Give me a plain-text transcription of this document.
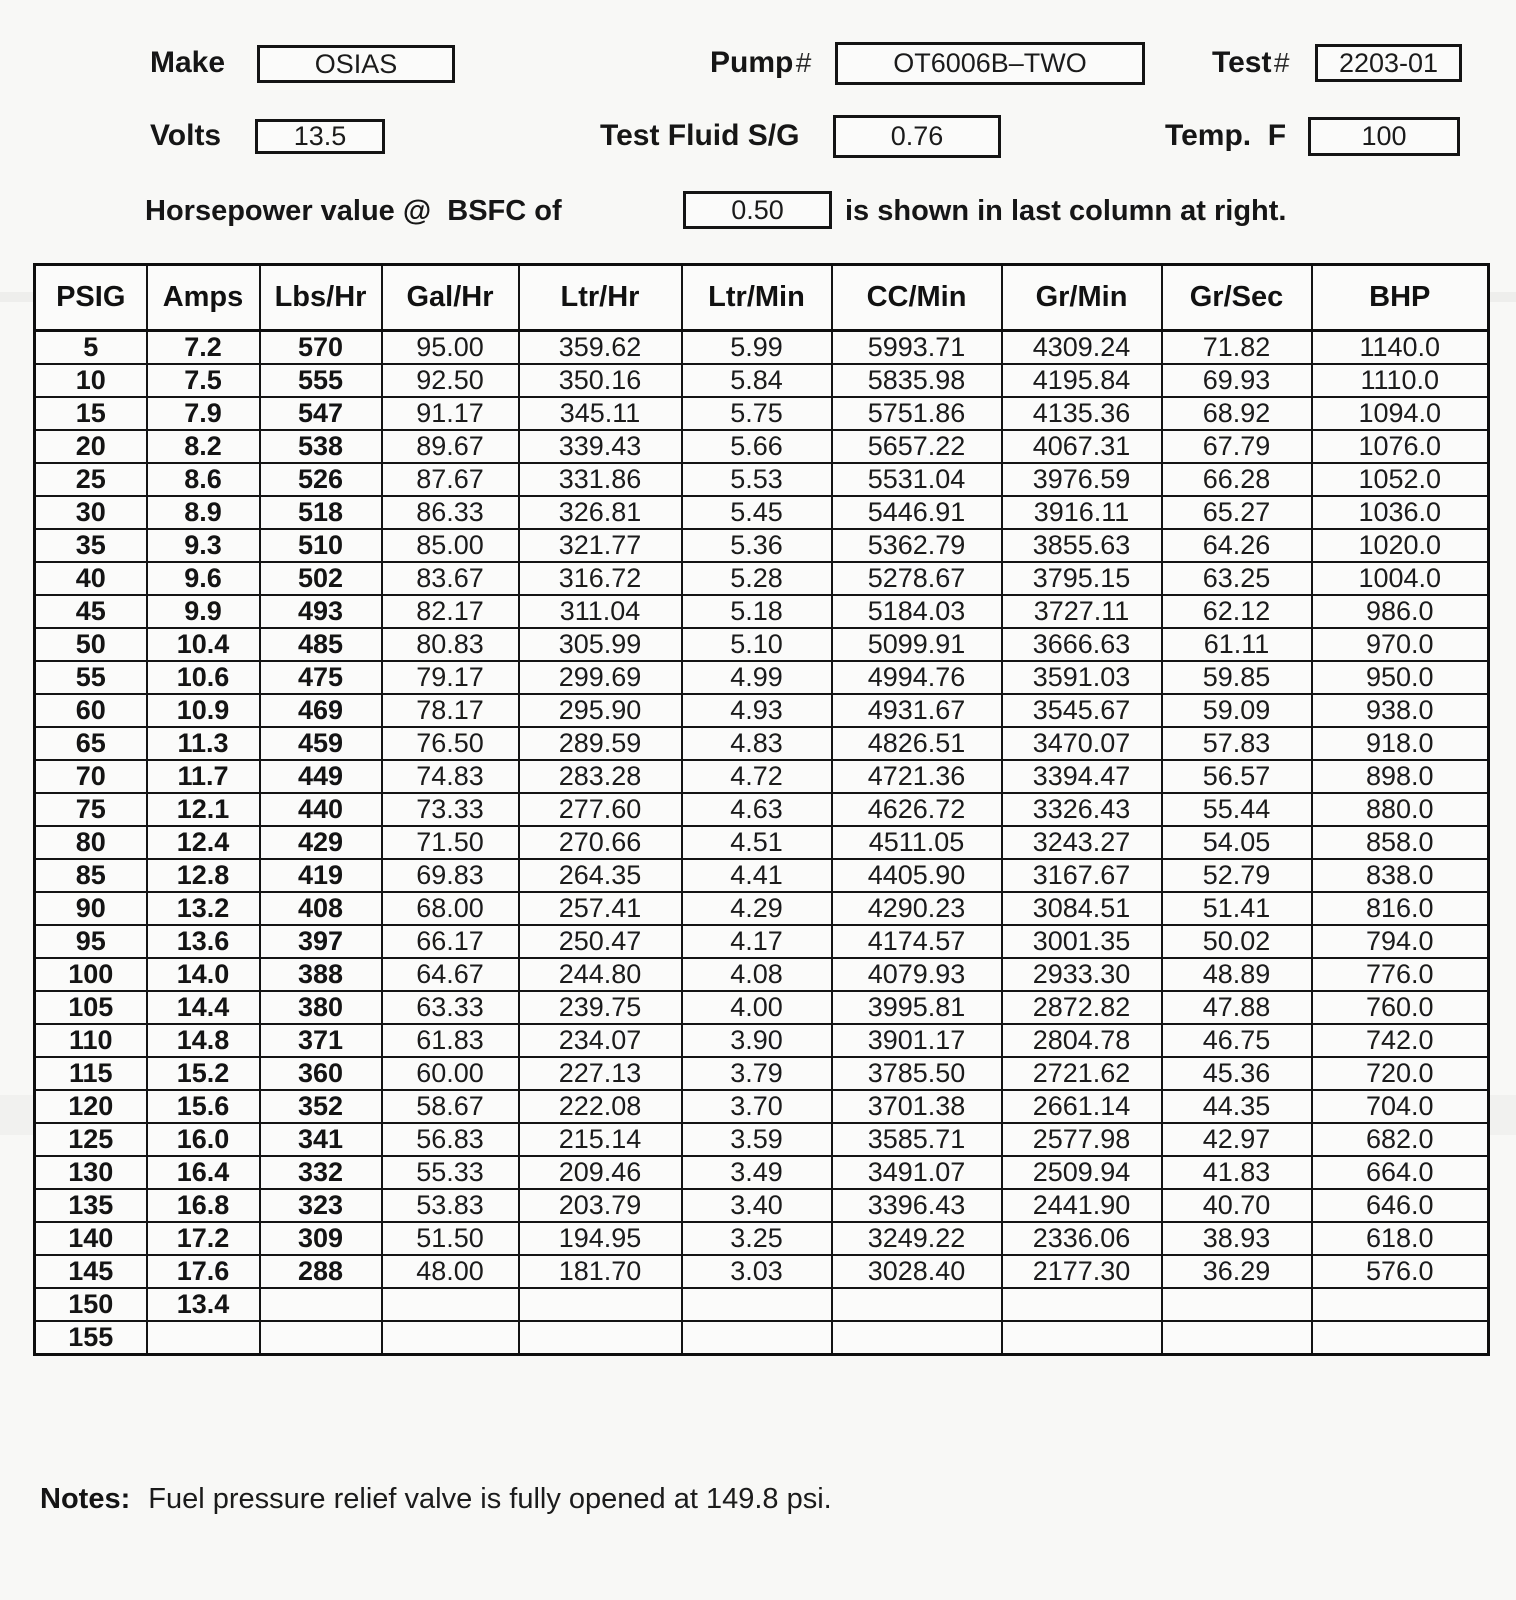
Make	OSIAS	Pump#	OT6006B–TWO	Test# 2203-01
Volts	13.5	Test Fluid S/G	0.76	Temp.  F	100
Horsepower value @  BSFC of	0.50 is shown in last column at right.
PSIG	Amps	Lbs/Hr	Gal/Hr	Ltr/Hr	Ltr/Min	CC/Min	Gr/Min	Gr/Sec	BHP
5	7.2	570	95.00	359.62	5.99	5993.71	4309.24	71.82	1140.0
10	7.5	555	92.50	350.16	5.84	5835.98	4195.84	69.93	1110.0
15	7.9	547	91.17	345.11	5.75	5751.86	4135.36	68.92	1094.0
20	8.2	538	89.67	339.43	5.66	5657.22	4067.31	67.79	1076.0
25	8.6	526	87.67	331.86	5.53	5531.04	3976.59	66.28	1052.0
30	8.9	518	86.33	326.81	5.45	5446.91	3916.11	65.27	1036.0
35	9.3	510	85.00	321.77	5.36	5362.79	3855.63	64.26	1020.0
40	9.6	502	83.67	316.72	5.28	5278.67	3795.15	63.25	1004.0
45	9.9	493	82.17	311.04	5.18	5184.03	3727.11	62.12	986.0
50	10.4	485	80.83	305.99	5.10	5099.91	3666.63	61.11	970.0
55	10.6	475	79.17	299.69	4.99	4994.76	3591.03	59.85	950.0
60	10.9	469	78.17	295.90	4.93	4931.67	3545.67	59.09	938.0
65	11.3	459	76.50	289.59	4.83	4826.51	3470.07	57.83	918.0
70	11.7	449	74.83	283.28	4.72	4721.36	3394.47	56.57	898.0
75	12.1	440	73.33	277.60	4.63	4626.72	3326.43	55.44	880.0
80	12.4	429	71.50	270.66	4.51	4511.05	3243.27	54.05	858.0
85	12.8	419	69.83	264.35	4.41	4405.90	3167.67	52.79	838.0
90	13.2	408	68.00	257.41	4.29	4290.23	3084.51	51.41	816.0
95	13.6	397	66.17	250.47	4.17	4174.57	3001.35	50.02	794.0
100	14.0	388	64.67	244.80	4.08	4079.93	2933.30	48.89	776.0
105	14.4	380	63.33	239.75	4.00	3995.81	2872.82	47.88	760.0
110	14.8	371	61.83	234.07	3.90	3901.17	2804.78	46.75	742.0
115	15.2	360	60.00	227.13	3.79	3785.50	2721.62	45.36	720.0
120	15.6	352	58.67	222.08	3.70	3701.38	2661.14	44.35	704.0
125	16.0	341	56.83	215.14	3.59	3585.71	2577.98	42.97	682.0
130	16.4	332	55.33	209.46	3.49	3491.07	2509.94	41.83	664.0
135	16.8	323	53.83	203.79	3.40	3396.43	2441.90	40.70	646.0
140	17.2	309	51.50	194.95	3.25	3249.22	2336.06	38.93	618.0
145	17.6	288	48.00	181.70	3.03	3028.40	2177.30	36.29	576.0
150	13.4								
155									
Notes: Fuel pressure relief valve is fully opened at 149.8 psi.
